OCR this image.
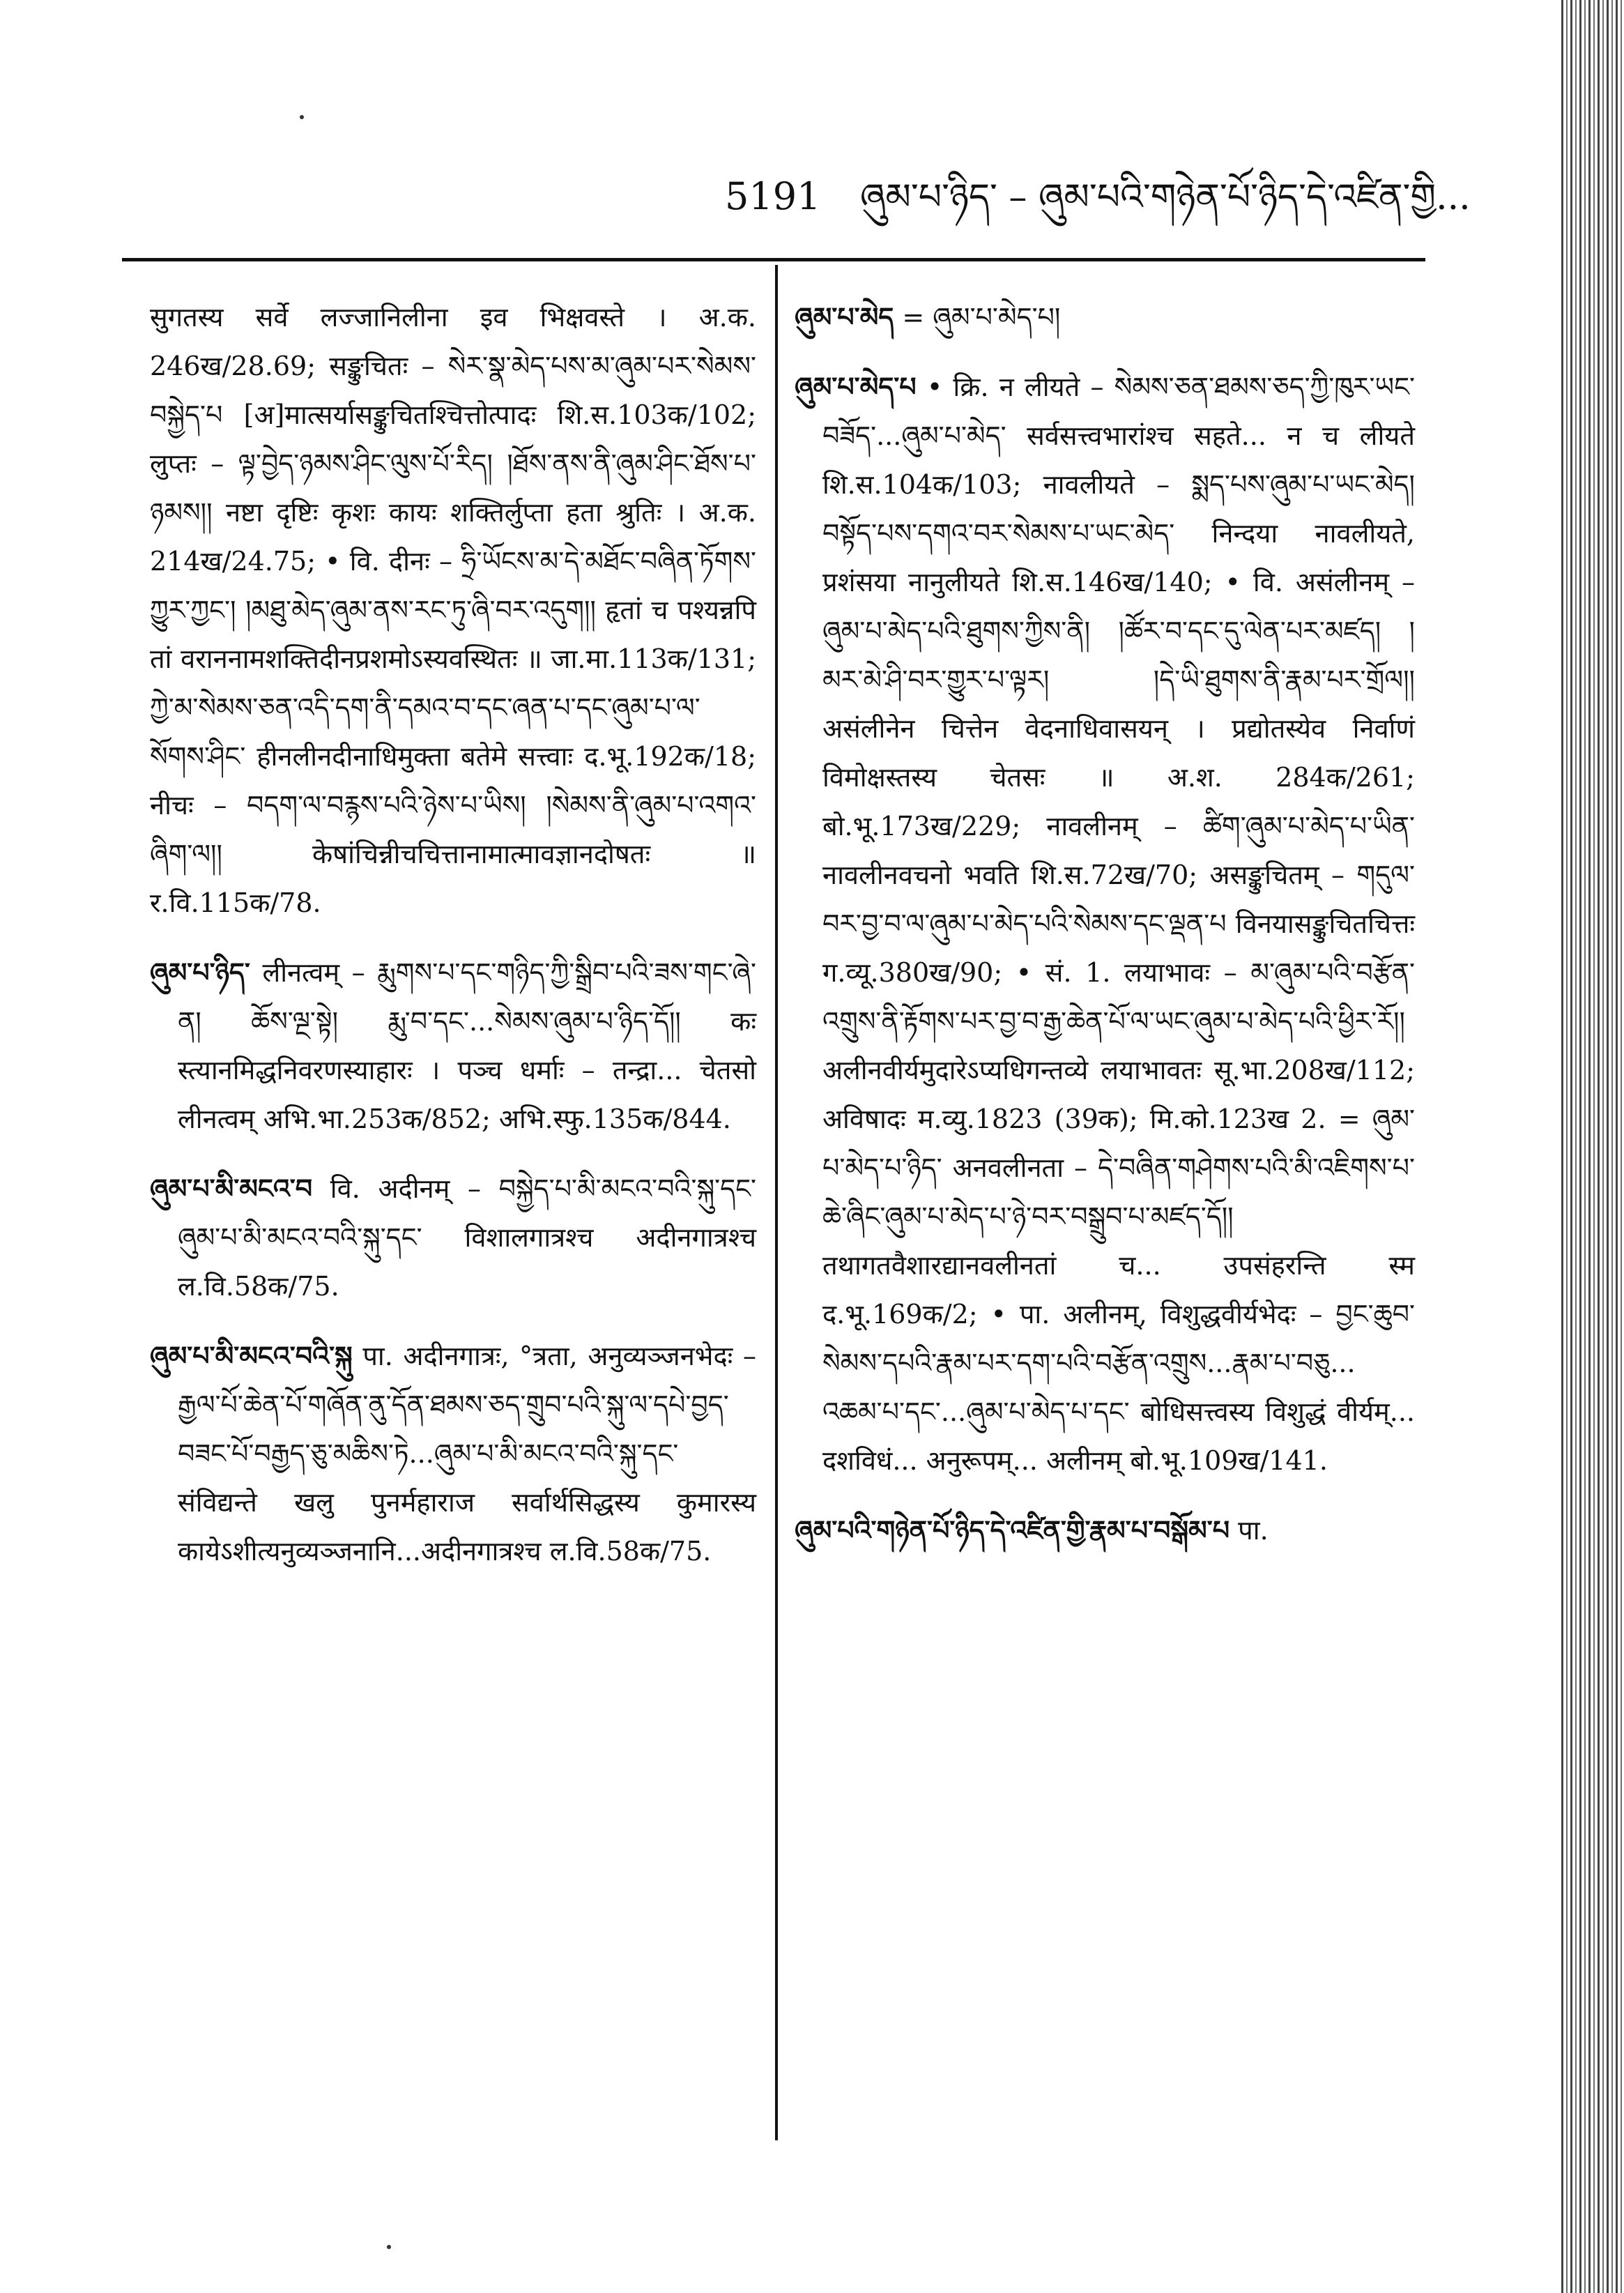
5191 ཞུམ་པ་ཉིད་ – ཞུམ་པའི་གཉེན་པོ་ཉིད་དེ་འཛིན་གྱི...
सुगतस्य सर्वे लज्जानिलीना इव भिक्षवस्ते । अ.क. 246ख/28.69; सङ्कुचितः – སེར་སྣ་མེད་པས་མ་ཞུམ་པར་སེམས་བསྐྱེད་པ [अ]मात्सर्यासङ्कुचितश्चित्तोत्पादः शि.स.103क/102; लुप्तः – ལྟ་བྱེད་ཉམས་ཤིང་ལུས་པོ་རིད། །ཐོས་ནས་ནི་ཞུམ་ཤིང་ཐོས་པ་ཉམས།། नष्टा दृष्टिः कृशः कायः शक्तिर्लुप्ता हता श्रुतिः । अ.क. 214ख/24.75; • वि. दीनः – ཧྲི་ཡོངས་མ་དེ་མཐོང་བཞིན་ཏོགས་ཀྱུར་ཀྱང་། །མཐུ་མེད་ཞུམ་ནས་རང་ཏུ་ཞི་བར་འདུག།། हृतां च पश्यन्नपि तां वराननामशक्तिदीनप्रशमोऽस्यवस्थितः ॥ जा.मा.113क/131; ཀྱེ་མ་སེམས་ཅན་འདི་དག་ནི་དམའ་བ་དང་ཞན་པ་དང་ཞུམ་པ་ལ་སོགས་ཤིང་ हीनलीनदीनाधिमुक्ता बतेमे सत्त्वाः द.भू.192क/18; नीचः – བདག་ལ་བརྙས་པའི་ཉེས་པ་ཡིས། །སེམས་ནི་ཞུམ་པ་འགའ་ཞིག་ལ།། केषांचिन्नीचचित्तानामात्मावज्ञानदोषतः ॥ र.वि.115क/78.
ཞུམ་པ་ཉིད་ लीनत्वम् – རྨུགས་པ་དང་གཉིད་ཀྱི་སྒྲིབ་པའི་ཟས་གང་ཞེ་ན། ཆོས་ལྔ་སྟེ། རྨུ་བ་དང་...སེམས་ཞུམ་པ་ཉིད་དོ།། कः स्त्यानमिद्धनिवरणस्याहारः । पञ्च धर्माः – तन्द्रा... चेतसो लीनत्वम् अभि.भा.253क/852; अभि.स्फु.135क/844.
ཞུམ་པ་མི་མངའ་བ वि. अदीनम् – བསྐྱེད་པ་མི་མངའ་བའི་སྐུ་དང་ཞུམ་པ་མི་མངའ་བའི་སྐུ་དང་ विशालगात्रश्च अदीनगात्रश्च ल.वि.58क/75.
ཞུམ་པ་མི་མངའ་བའི་སྐུ पा. अदीनगात्रः, °त्रता, अनुव्यञ्जनभेदः – རྒྱལ་པོ་ཆེན་པོ་གཞོན་ནུ་དོན་ཐམས་ཅད་གྲུབ་པའི་སྐུ་ལ་དཔེ་བྱད་བཟང་པོ་བརྒྱད་ཅུ་མཆིས་ཏེ...ཞུམ་པ་མི་མངའ་བའི་སྐུ་དང་ संविद्यन्ते खलु पुनर्महाराज सर्वार्थसिद्धस्य कुमारस्य कायेऽशीत्यनुव्यञ्जनानि...अदीनगात्रश्च ल.वि.58क/75.
ཞུམ་པ་མེད = ཞུམ་པ་མེད་པ།
ཞུམ་པ་མེད་པ • क्रि. न लीयते – སེམས་ཅན་ཐམས་ཅད་ཀྱི་ཁུར་ཡང་བཟོད་...ཞུམ་པ་མེད་ सर्वसत्त्वभारांश्च सहते... न च लीयते शि.स.104क/103; नावलीयते – སྨད་པས་ཞུམ་པ་ཡང་མེད། བསྟོད་པས་དགའ་བར་སེམས་པ་ཡང་མེད་ निन्दया नावलीयते, प्रशंसया नानुलीयते शि.स.146ख/140; • वि. असंलीनम् – ཞུམ་པ་མེད་པའི་ཐུགས་ཀྱིས་ནི། །ཚོར་བ་དང་དུ་ལེན་པར་མཛད། །མར་མེ་ཤི་བར་གྱུར་པ་ལྟར། །དེ་ཡི་ཐུགས་ནི་རྣམ་པར་གྲོལ།། असंलीनेन चित्तेन वेदनाधिवासयन् । प्रद्योतस्येव निर्वाणं विमोक्षस्तस्य चेतसः ॥ अ.श. 284क/261; बो.भू.173ख/229; नावलीनम् – ཚིག་ཞུམ་པ་མེད་པ་ཡིན་ नावलीनवचनो भवति शि.स.72ख/70; असङ्कुचितम् – གདུལ་བར་བྱ་བ་ལ་ཞུམ་པ་མེད་པའི་སེམས་དང་ལྡན་པ विनयासङ्कुचितचित्तः ग.व्यू.380ख/90; • सं. 1. लयाभावः – མ་ཞུམ་པའི་བརྩོན་འགྲུས་ནི་རྟོགས་པར་བྱ་བ་རྒྱ་ཆེན་པོ་ལ་ཡང་ཞུམ་པ་མེད་པའི་ཕྱིར་རོ།། अलीनवीर्यमुदारेऽप्यधिगन्तव्ये लयाभावतः सू.भा.208ख/112; अविषादः म.व्यु.1823 (39क); मि.को.123ख 2. = ཞུམ་པ་མེད་པ་ཉིད་ अनवलीनता – དེ་བཞིན་གཤེགས་པའི་མི་འཇིགས་པ་ཆེ་ཞིང་ཞུམ་པ་མེད་པ་ཉེ་བར་བསྒྲུབ་པ་མཛད་དོ།། तथागतवैशारद्यानवलीनतां च... उपसंहरन्ति स्म द.भू.169क/2; • पा. अलीनम्, विशुद्धवीर्यभेदः – བྱང་ཆུབ་སེམས་དཔའི་རྣམ་པར་དག་པའི་བརྩོན་འགྲུས...རྣམ་པ་བཅུ... འཆམ་པ་དང་...ཞུམ་པ་མེད་པ་དང་ बोधिसत्त्वस्य विशुद्धं वीर्यम्... दशविधं... अनुरूपम्... अलीनम् बो.भू.109ख/141.
ཞུམ་པའི་གཉེན་པོ་ཉིད་དེ་འཛིན་གྱི་རྣམ་པ་བསྒོམ་པ पा.
